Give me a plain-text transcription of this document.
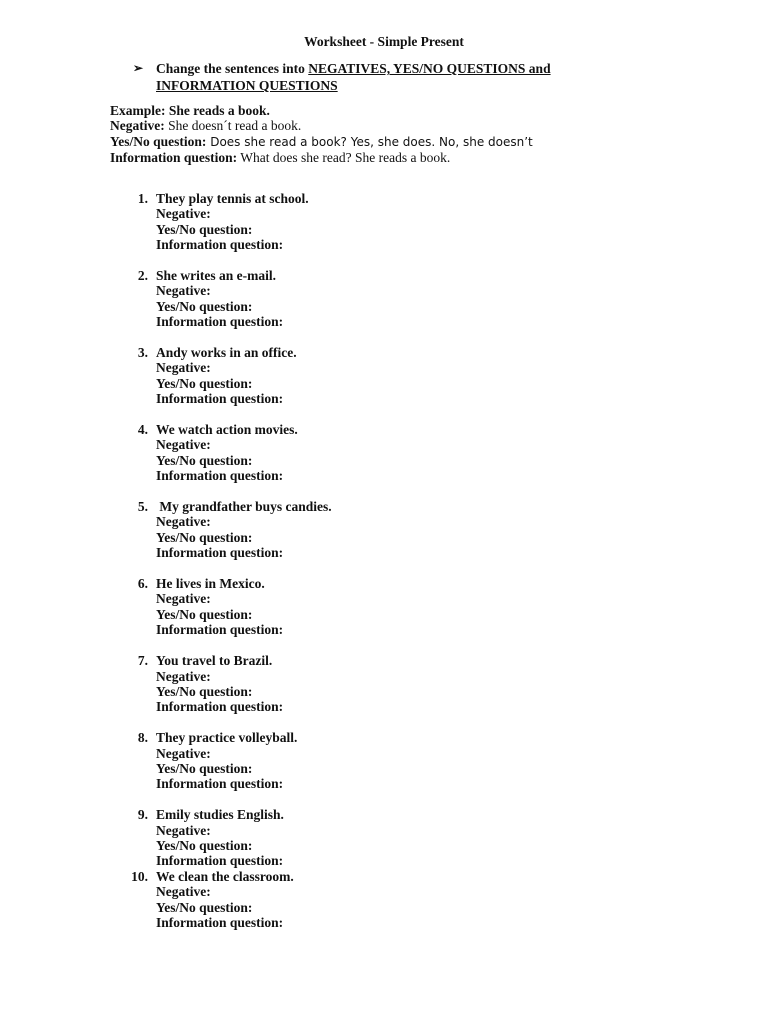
Worksheet - Simple Present
➢ Change the sentences into NEGATIVES, YES/NO QUESTIONS and
INFORMATION QUESTIONS
Example: She reads a book.
Negative: She doesn´t read a book.
Yes/No question: Does she read a book? Yes, she does. No, she doesn’t
Information question: What does she read? She reads a book.
1. They play tennis at school.
Negative:
Yes/No question:
Information question:
2. She writes an e-mail.
Negative:
Yes/No question:
Information question:
3. Andy works in an office.
Negative:
Yes/No question:
Information question:
4. We watch action movies.
Negative:
Yes/No question:
Information question:
5. My grandfather buys candies.
Negative:
Yes/No question:
Information question:
6. He lives in Mexico.
Negative:
Yes/No question:
Information question:
7. You travel to Brazil.
Negative:
Yes/No question:
Information question:
8. They practice volleyball.
Negative:
Yes/No question:
Information question:
9. Emily studies English.
Negative:
Yes/No question:
Information question:
10. We clean the classroom.
Negative:
Yes/No question:
Information question:
